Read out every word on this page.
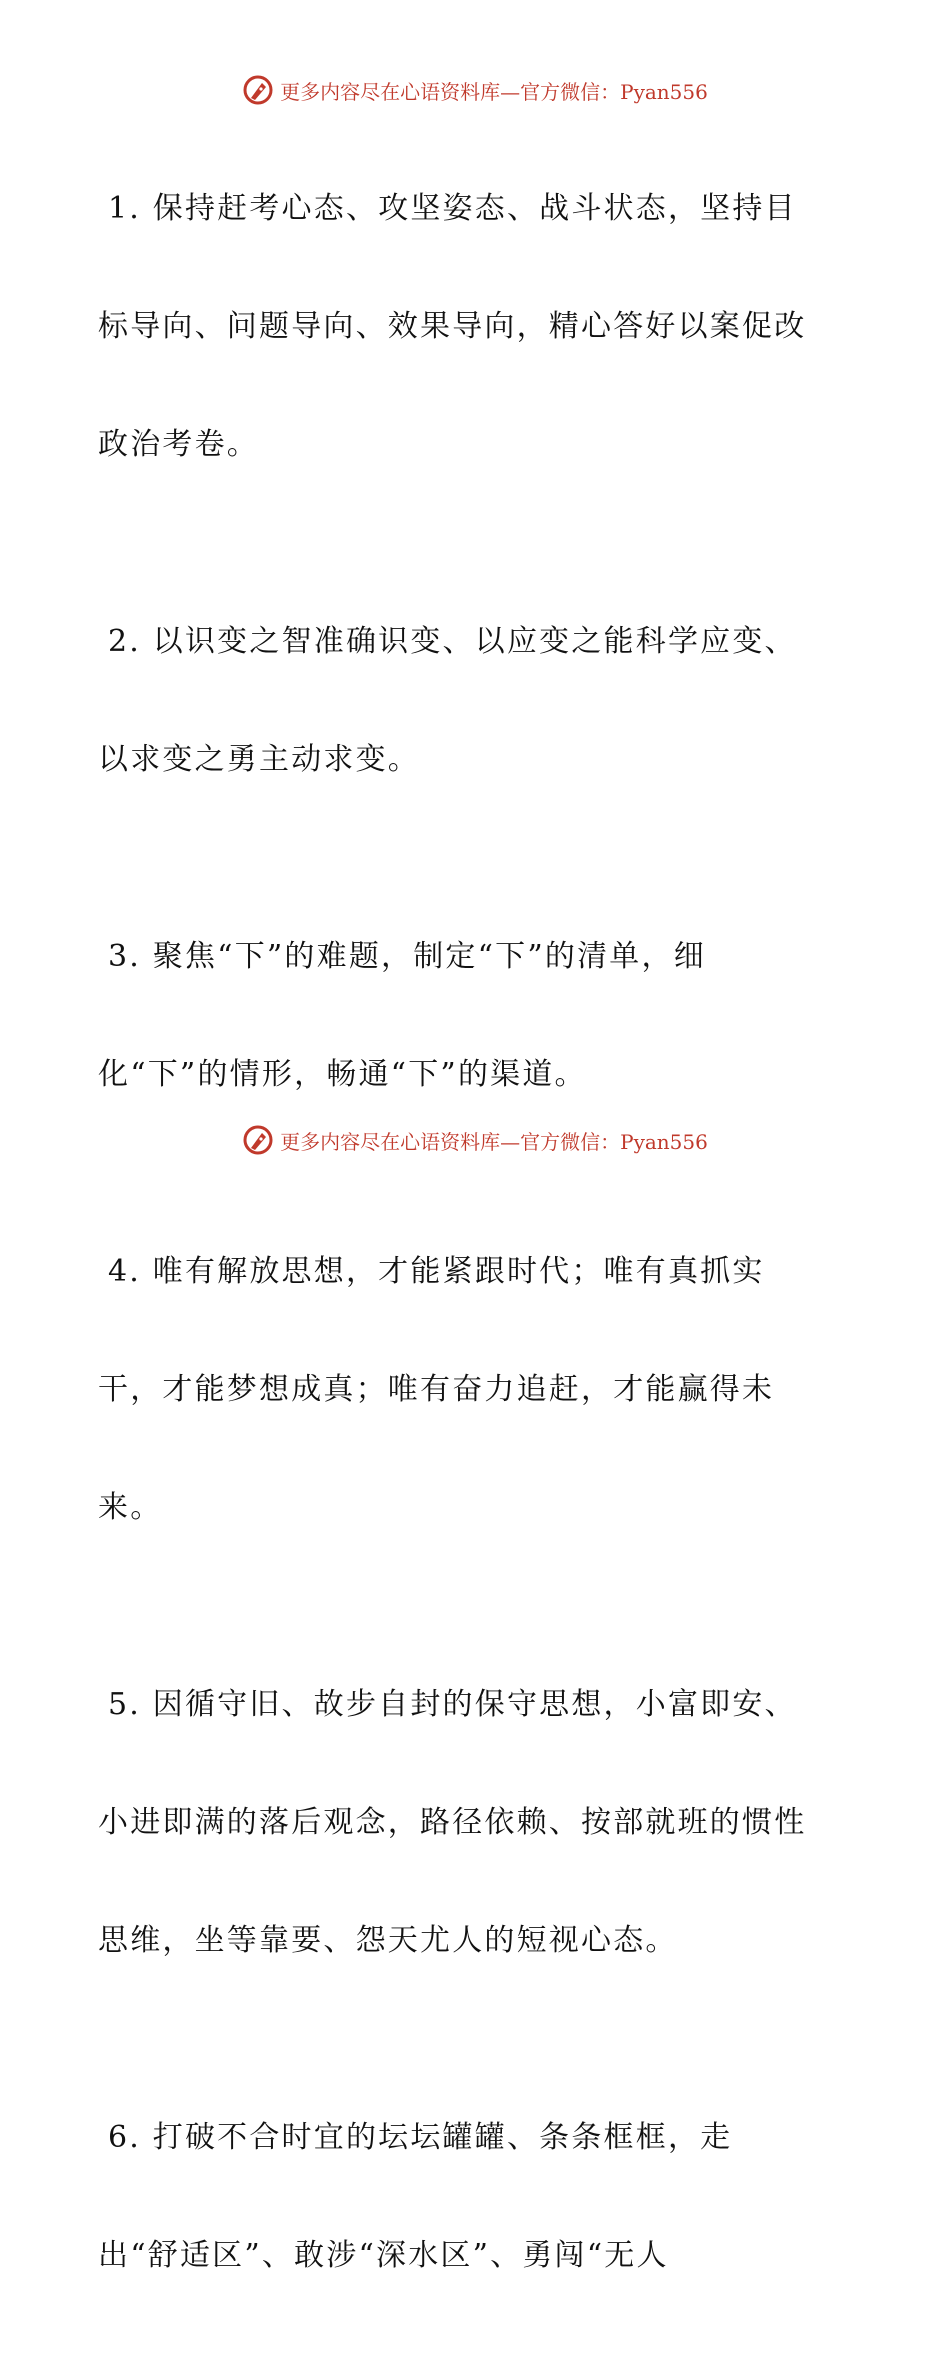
更多内容尽在心语资料库—官方微信：Pyan556

1. 保持赶考心态、攻坚姿态、战斗状态，坚持目

标导向、问题导向、效果导向，精心答好以案促改

政治考卷。

2. 以识变之智准确识变、以应变之能科学应变、

以求变之勇主动求变。

3. 聚焦“下”的难题，制定“下”的清单，细

化“下”的情形，畅通“下”的渠道。

4. 唯有解放思想，才能紧跟时代；唯有真抓实

干，才能梦想成真；唯有奋力追赶，才能赢得未

来。

5. 因循守旧、故步自封的保守思想，小富即安、

小进即满的落后观念，路径依赖、按部就班的惯性

思维，坐等靠要、怨天尤人的短视心态。

6. 打破不合时宜的坛坛罐罐、条条框框，走

出“舒适区”、敢涉“深水区”、勇闯“无人

更多内容尽在心语资料库—官方微信：Pyan556
